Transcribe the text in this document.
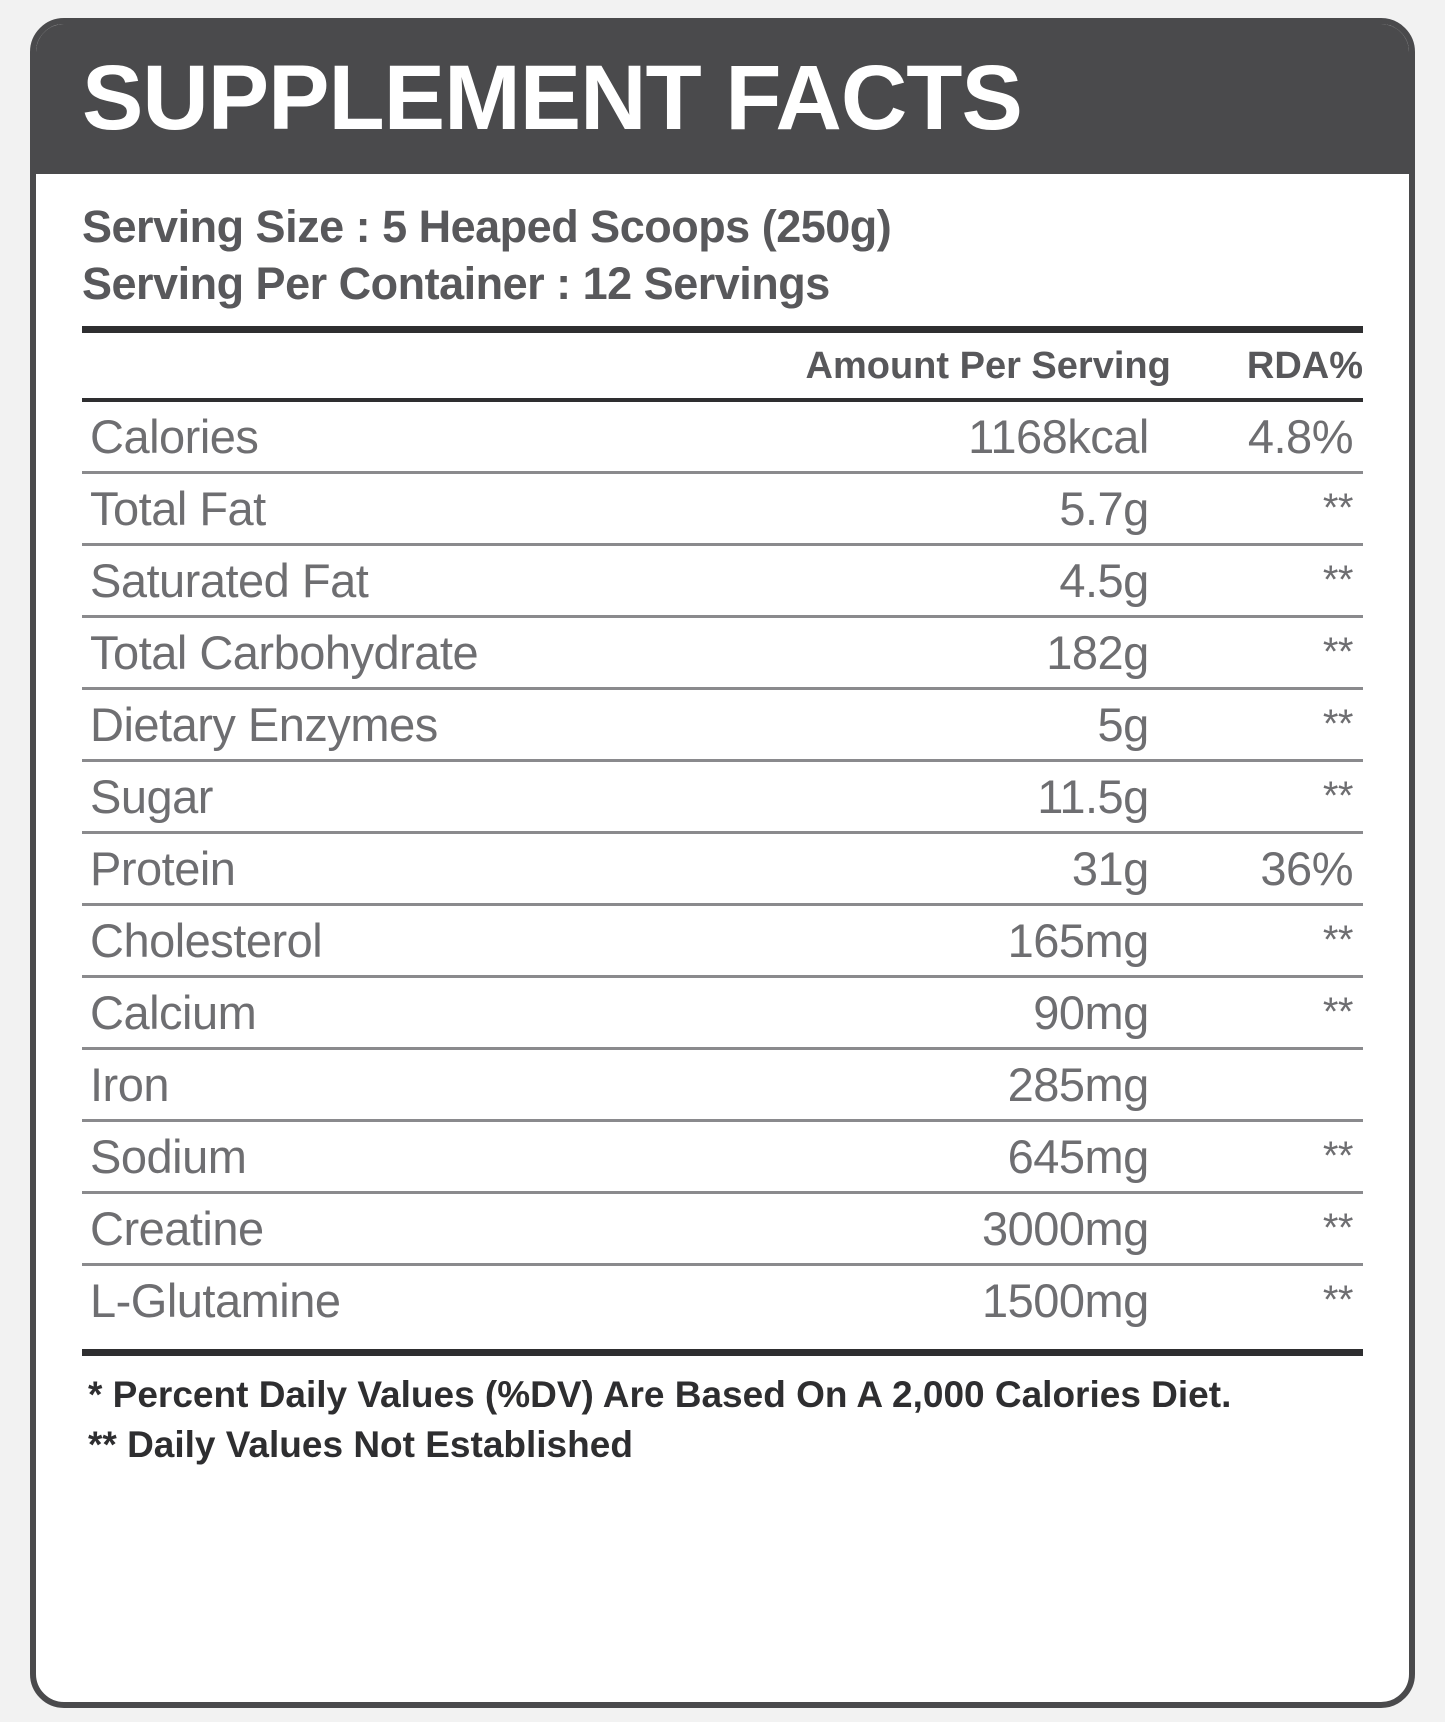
SUPPLEMENT FACTS
Serving Size : 5 Heaped Scoops (250g)
Serving Per Container : 12 Servings
	Amount Per Serving	RDA%
Calories	1168kcal	4.8%
Total Fat	5.7g	**
Saturated Fat	4.5g	**
Total Carbohydrate	182g	**
Dietary Enzymes	5g	**
Sugar	11.5g	**
Protein	31g	36%
Cholesterol	165mg	**
Calcium	90mg	**
Iron	285mg	
Sodium	645mg	**
Creatine	3000mg	**
L-Glutamine	1500mg	**
* Percent Daily Values (%DV) Are Based On A 2,000 Calories Diet.
** Daily Values Not Established
